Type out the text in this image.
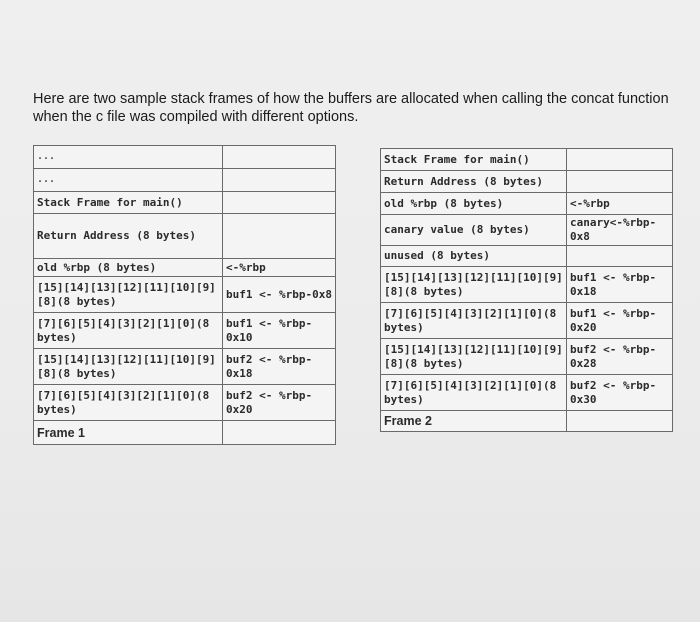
Here are two sample stack frames of how the buffers are allocated when calling the concat function when the c file was compiled with different options.
...	
...	
Stack Frame for main()	
Return Address (8 bytes)	
old %rbp (8 bytes)	<-%rbp
[15][14][13][12][11][10][9][8](8 bytes)	buf1 <- %rbp-0x8
[7][6][5][4][3][2][1][0](8 bytes)	buf1 <- %rbp-0x10
[15][14][13][12][11][10][9][8](8 bytes)	buf2 <- %rbp-0x18
[7][6][5][4][3][2][1][0](8 bytes)	buf2 <- %rbp-0x20
Frame 1	
Stack Frame for main()	
Return Address (8 bytes)	
old %rbp (8 bytes)	<-%rbp
canary value (8 bytes)	canary<-%rbp-0x8
unused (8 bytes)	
[15][14][13][12][11][10][9][8](8 bytes)	buf1 <- %rbp-0x18
[7][6][5][4][3][2][1][0](8 bytes)	buf1 <- %rbp-0x20
[15][14][13][12][11][10][9][8](8 bytes)	buf2 <- %rbp-0x28
[7][6][5][4][3][2][1][0](8 bytes)	buf2 <- %rbp-0x30
Frame 2	
